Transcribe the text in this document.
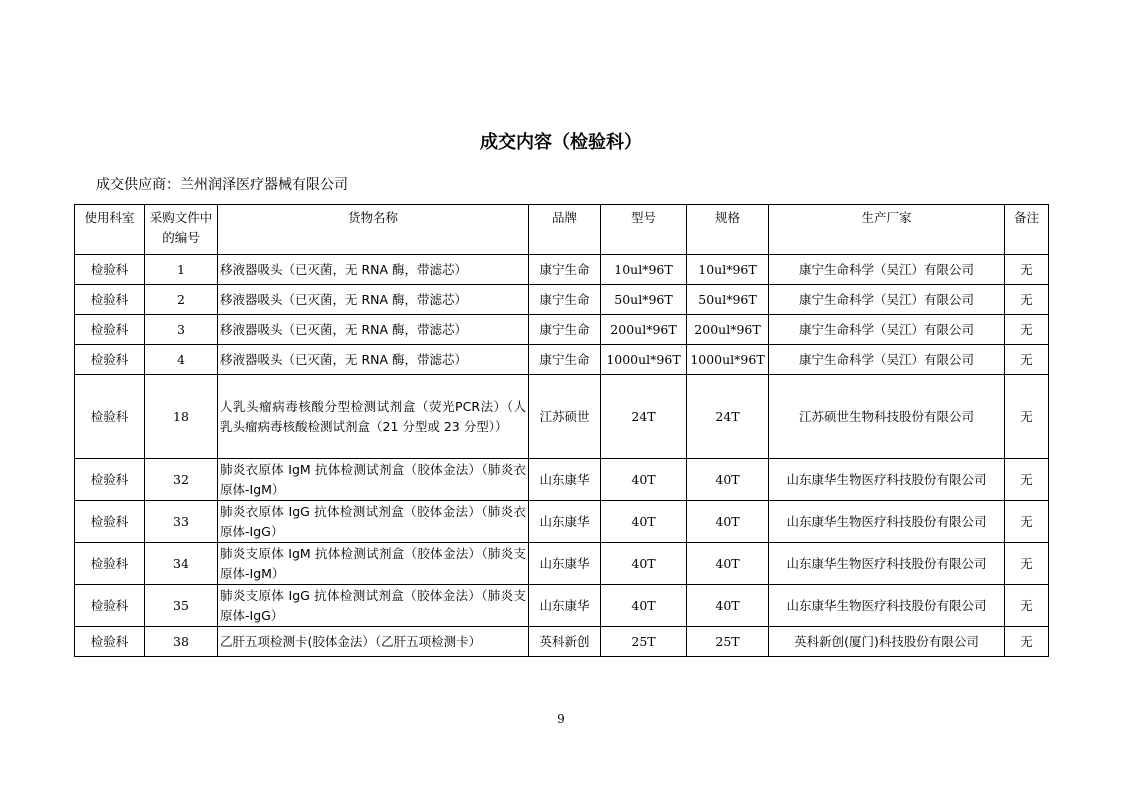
成交内容（检验科）
成交供应商：兰州润泽医疗器械有限公司
使用科室	采购文件中的编号	货物名称	品牌	型号	规格	生产厂家	备注
检验科	1	移液器吸头（已灭菌，无 RNA 酶，带滤芯）	康宁生命	10ul*96T	10ul*96T	康宁生命科学（吴江）有限公司	无
检验科	2	移液器吸头（已灭菌，无 RNA 酶，带滤芯）	康宁生命	50ul*96T	50ul*96T	康宁生命科学（吴江）有限公司	无
检验科	3	移液器吸头（已灭菌，无 RNA 酶，带滤芯）	康宁生命	200ul*96T	200ul*96T	康宁生命科学（吴江）有限公司	无
检验科	4	移液器吸头（已灭菌，无 RNA 酶，带滤芯）	康宁生命	1000ul*96T	1000ul*96T	康宁生命科学（吴江）有限公司	无
检验科	18	人乳头瘤病毒核酸分型检测试剂盒（荧光PCR法）（人乳头瘤病毒核酸检测试剂盒（21 分型或 23 分型））	江苏硕世	24T	24T	江苏硕世生物科技股份有限公司	无
检验科	32	肺炎衣原体 IgM 抗体检测试剂盒（胶体金法）（肺炎衣原体-IgM）	山东康华	40T	40T	山东康华生物医疗科技股份有限公司	无
检验科	33	肺炎衣原体 IgG 抗体检测试剂盒（胶体金法）（肺炎衣原体-IgG）	山东康华	40T	40T	山东康华生物医疗科技股份有限公司	无
检验科	34	肺炎支原体 IgM 抗体检测试剂盒（胶体金法）（肺炎支原体-IgM）	山东康华	40T	40T	山东康华生物医疗科技股份有限公司	无
检验科	35	肺炎支原体 IgG 抗体检测试剂盒（胶体金法）（肺炎支原体-IgG）	山东康华	40T	40T	山东康华生物医疗科技股份有限公司	无
检验科	38	乙肝五项检测卡(胶体金法）（乙肝五项检测卡）	英科新创	25T	25T	英科新创(厦门)科技股份有限公司	无
9
